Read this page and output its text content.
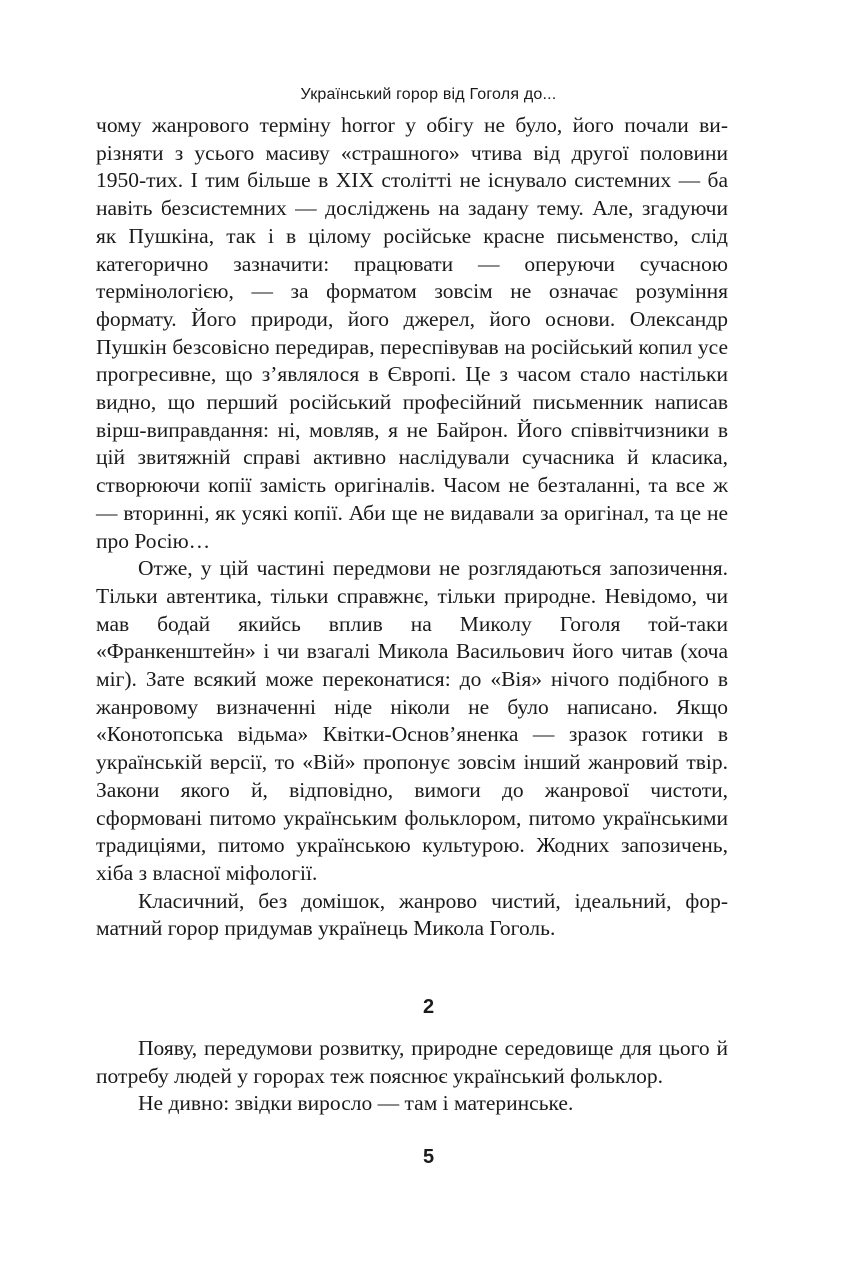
Український горор від Гоголя до...

чому жанрового терміну horror у обігу не було, його почали вирізняти з усього масиву «страшного» чтива від другої половини 1950-тих. І тим більше в XIX столітті не існувало системних — ба навіть безсистемних — досліджень на задану тему. Але, згадуючи як Пушкіна, так і в цілому російське красне письменство, слід категорично зазначити: працювати — оперуючи сучасною термінологією, — за форматом зовсім не означає розуміння формату. Його природи, його джерел, його основи. Олександр Пушкін безсовісно передирав, переспівував на російський копил усе прогресивне, що з’являлося в Європі. Це з часом стало настільки видно, що перший російський професійний письменник написав вірш-виправдання: ні, мовляв, я не Байрон. Його співвітчизники в цій звитяжній справі активно наслідували сучасника й класика, створюючи копії замість оригіналів. Часом не безталанні, та все ж — вторинні, як усякі копії. Аби ще не видавали за оригінал, та це не про Росію…

Отже, у цій частині передмови не розглядаються запозичення. Тільки автентика, тільки справжнє, тільки природне. Невідомо, чи мав бодай якийсь вплив на Миколу Гоголя той-таки «Франкенштейн» і чи взагалі Микола Васильович його читав (хоча міг). Зате всякий може переконатися: до «Вія» нічого подібного в жанровому визначенні ніде ніколи не було написано. Якщо «Конотопська відьма» Квітки-Основ’яненка — зразок готики в українській версії, то «Вій» пропонує зовсім інший жанровий твір. Закони якого й, відповідно, вимоги до жанрової чистоти, сформовані питомо українським фольклором, питомо українськими традиціями, питомо українською культурою. Жодних запозичень, хіба з власної міфології.

Класичний, без домішок, жанрово чистий, ідеальний, форматний горор придумав українець Микола Гоголь.

2

Появу, передумови розвитку, природне середовище для цього й потребу людей у горорах теж пояснює український фольклор.

Не дивно: звідки виросло — там і материнське.

5
